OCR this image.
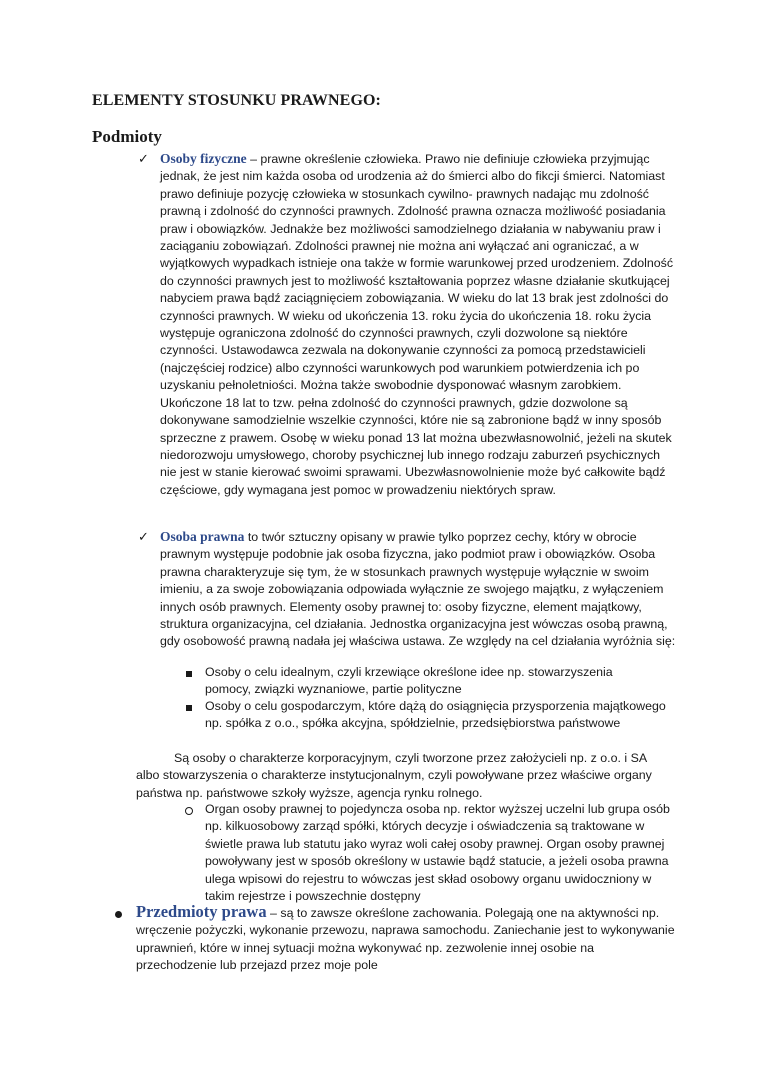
ELEMENTY STOSUNKU PRAWNEGO:
Podmioty
✓ Osoby fizyczne – prawne określenie człowieka. Prawo nie definiuje człowieka przyjmując jednak, że jest nim każda osoba od urodzenia aż do śmierci albo do fikcji śmierci. Natomiast prawo definiuje pozycję człowieka w stosunkach cywilno- prawnych nadając mu zdolność prawną i zdolność do czynności prawnych. Zdolność prawna oznacza możliwość posiadania praw i obowiązków. Jednakże bez możliwości samodzielnego działania w nabywaniu praw i zaciąganiu zobowiązań. Zdolności prawnej nie można ani wyłączać ani ograniczać, a w wyjątkowych wypadkach istnieje ona także w formie warunkowej przed urodzeniem. Zdolność do czynności prawnych jest to możliwość kształtowania poprzez własne działanie skutkującej nabyciem prawa bądź zaciągnięciem zobowiązania. W wieku do lat 13 brak jest zdolności do czynności prawnych. W wieku od ukończenia 13. roku życia do ukończenia 18. roku życia występuje ograniczona zdolność do czynności prawnych, czyli dozwolone są niektóre czynności. Ustawodawca zezwala na dokonywanie czynności za pomocą przedstawicieli (najczęściej rodzice) albo czynności warunkowych pod warunkiem potwierdzenia ich po uzyskaniu pełnoletniości. Można także swobodnie dysponować własnym zarobkiem. Ukończone 18 lat to tzw. pełna zdolność do czynności prawnych, gdzie dozwolone są dokonywane samodzielnie wszelkie czynności, które nie są zabronione bądź w inny sposób sprzeczne z prawem. Osobę w wieku ponad 13 lat można ubezwłasnowolnić, jeżeli na skutek niedorozwoju umysłowego, choroby psychicznej lub innego rodzaju zaburzeń psychicznych nie jest w stanie kierować swoimi sprawami. Ubezwłasnowolnienie może być całkowite bądź częściowe, gdy wymagana jest pomoc w prowadzeniu niektórych spraw.

✓ Osoba prawna to twór sztuczny opisany w prawie tylko poprzez cechy, który w obrocie prawnym występuje podobnie jak osoba fizyczna, jako podmiot praw i obowiązków. Osoba prawna charakteryzuje się tym, że w stosunkach prawnych występuje wyłącznie w swoim imieniu, a za swoje zobowiązania odpowiada wyłącznie ze swojego majątku, z wyłączeniem innych osób prawnych. Elementy osoby prawnej to: osoby fizyczne, element majątkowy, struktura organizacyjna, cel działania. Jednostka organizacyjna jest wówczas osobą prawną, gdy osobowość prawną nadała jej właściwa ustawa. Ze względy na cel działania wyróżnia się:

Osoby o celu idealnym, czyli krzewiące określone idee np. stowarzyszenia pomocy, związki wyznaniowe, partie polityczne

Osoby o celu gospodarczym, które dążą do osiągnięcia przysporzenia majątkowego np. spółka z o.o., spółka akcyjna, spółdzielnie, przedsiębiorstwa państwowe

Są osoby o charakterze korporacyjnym, czyli tworzone przez założycieli np. z o.o. i SA albo stowarzyszenia o charakterze instytucjonalnym, czyli powoływane przez właściwe organy państwa np. państwowe szkoły wyższe, agencja rynku rolnego.

Organ osoby prawnej to pojedyncza osoba np. rektor wyższej uczelni lub grupa osób np. kilkuosobowy zarząd spółki, których decyzje i oświadczenia są traktowane w świetle prawa lub statutu jako wyraz woli całej osoby prawnej. Organ osoby prawnej powoływany jest w sposób określony w ustawie bądź statucie, a jeżeli osoba prawna ulega wpisowi do rejestru to wówczas jest skład osobowy organu uwidoczniony w takim rejestrze i powszechnie dostępny

Przedmioty prawa – są to zawsze określone zachowania. Polegają one na aktywności np. wręczenie pożyczki, wykonanie przewozu, naprawa samochodu. Zaniechanie jest to wykonywanie uprawnień, które w innej sytuacji można wykonywać np. zezwolenie innej osobie na przechodzenie lub przejazd przez moje pole
